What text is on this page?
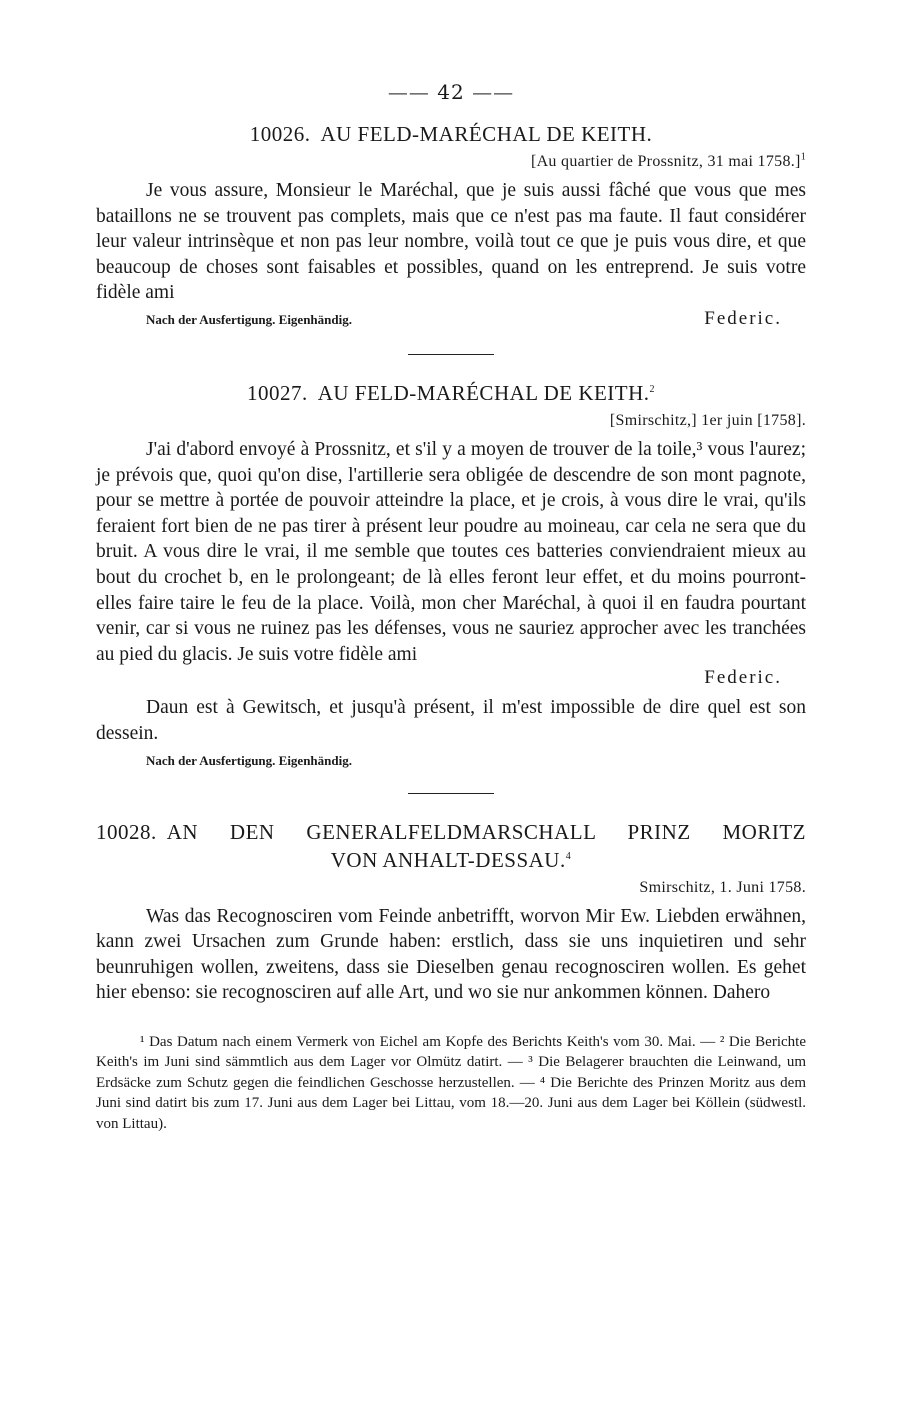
—— 42 ——
10026. AU FELD-MARÉCHAL DE KEITH.
[Au quartier de Prossnitz, 31 mai 1758.]$^1$

Je vous assure, Monsieur le Maréchal, que je suis aussi fâché que vous que mes bataillons ne se trouvent pas complets, mais que ce n'est pas ma faute. Il faut considérer leur valeur intrinsèque et non pas leur nombre, voilà tout ce que je puis vous dire, et que beaucoup de choses sont faisables et possibles, quand on les entreprend. Je suis votre fidèle ami

Nach der Ausfertigung. Eigenhändig.	Federic.
10027. AU FELD-MARÉCHAL DE KEITH.$^2$
[Smirschitz,] 1er juin [1758].

J'ai d'abord envoyé à Prossnitz, et s'il y a moyen de trouver de la toile,³ vous l'aurez; je prévois que, quoi qu'on dise, l'artillerie sera obligée de descendre de son mont pagnote, pour se mettre à portée de pouvoir atteindre la place, et je crois, à vous dire le vrai, qu'ils feraient fort bien de ne pas tirer à présent leur poudre au moineau, car cela ne sera que du bruit. A vous dire le vrai, il me semble que toutes ces batteries conviendraient mieux au bout du crochet b, en le prolongeant; de là elles feront leur effet, et du moins pourront-elles faire taire le feu de la place. Voilà, mon cher Maréchal, à quoi il en faudra pourtant venir, car si vous ne ruinez pas les défenses, vous ne sauriez approcher avec les tranchées au pied du glacis. Je suis votre fidèle ami

Federic.

Daun est à Gewitsch, et jusqu'à présent, il m'est impossible de dire quel est son dessein.

Nach der Ausfertigung. Eigenhändig.
10028. AN DEN GENERALFELDMARSCHALL PRINZ MORITZ
VON ANHALT-DESSAU.$^4$
Smirschitz, 1. Juni 1758.

Was das Recognosciren vom Feinde anbetrifft, worvon Mir Ew. Liebden erwähnen, kann zwei Ursachen zum Grunde haben: erstlich, dass sie uns inquietiren und sehr beunruhigen wollen, zweitens, dass sie Dieselben genau recognosciren wollen. Es gehet hier ebenso: sie recognosciren auf alle Art, und wo sie nur ankommen können. Dahero

¹ Das Datum nach einem Vermerk von Eichel am Kopfe des Berichts Keith's vom 30. Mai. — ² Die Berichte Keith's im Juni sind sämmtlich aus dem Lager vor Olmütz datirt. — ³ Die Belagerer brauchten die Leinwand, um Erdsäcke zum Schutz gegen die feindlichen Geschosse herzustellen. — ⁴ Die Berichte des Prinzen Moritz aus dem Juni sind datirt bis zum 17. Juni aus dem Lager bei Littau, vom 18.—20. Juni aus dem Lager bei Köllein (südwestl. von Littau).
